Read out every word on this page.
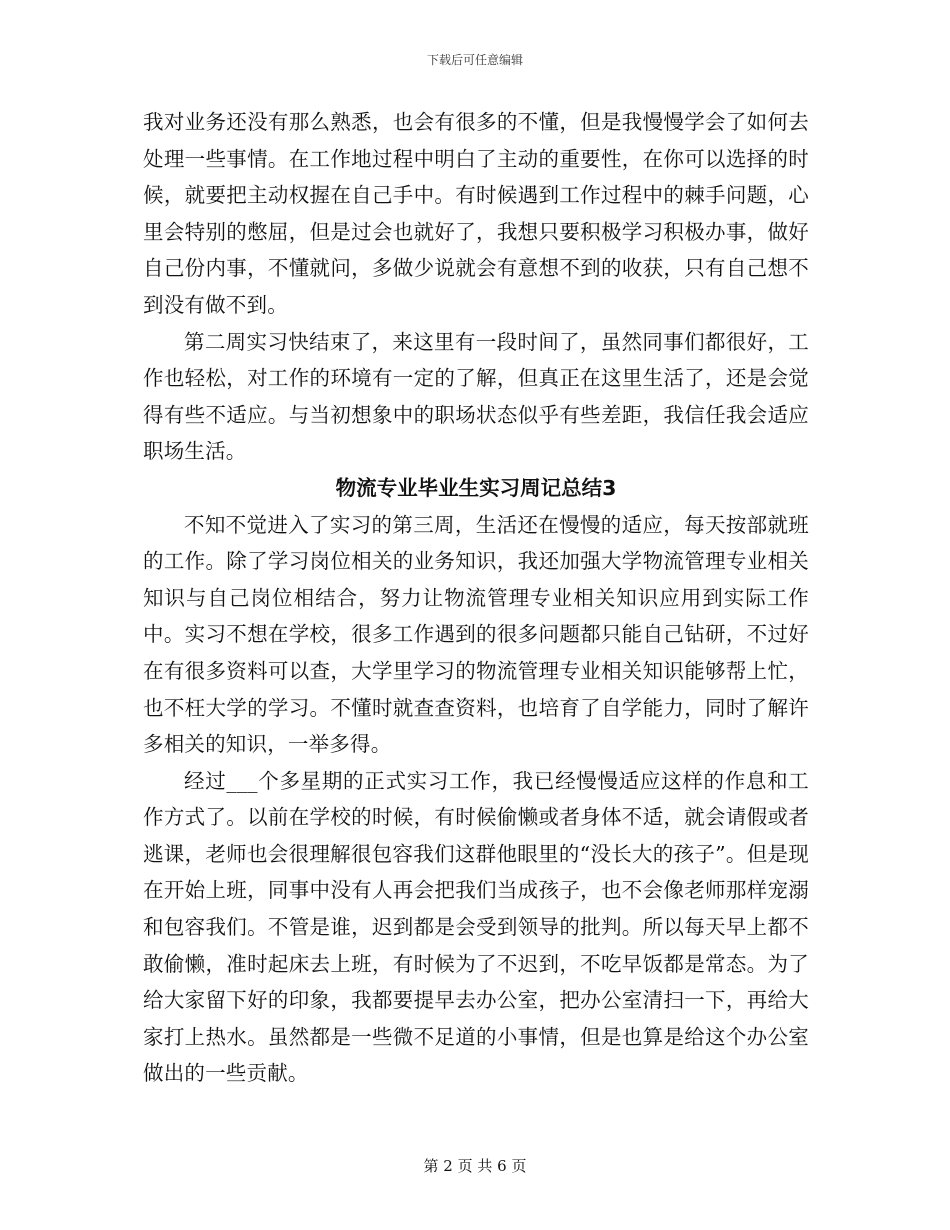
下载后可任意编辑

我对业务还没有那么熟悉，也会有很多的不懂，但是我慢慢学会了如何去处理一些事情。在工作地过程中明白了主动的重要性，在你可以选择的时候，就要把主动权握在自己手中。有时候遇到工作过程中的棘手问题，心里会特别的憋屈，但是过会也就好了，我想只要积极学习积极办事，做好自己份内事，不懂就问，多做少说就会有意想不到的收获，只有自己想不到没有做不到。

第二周实习快结束了，来这里有一段时间了，虽然同事们都很好，工作也轻松，对工作的环境有一定的了解，但真正在这里生活了，还是会觉得有些不适应。与当初想象中的职场状态似乎有些差距，我信任我会适应职场生活。

物流专业毕业生实习周记总结3

不知不觉进入了实习的第三周，生活还在慢慢的适应，每天按部就班的工作。除了学习岗位相关的业务知识，我还加强大学物流管理专业相关知识与自己岗位相结合，努力让物流管理专业相关知识应用到实际工作中。实习不想在学校，很多工作遇到的很多问题都只能自己钻研，不过好在有很多资料可以查，大学里学习的物流管理专业相关知识能够帮上忙，也不枉大学的学习。不懂时就查查资料，也培育了自学能力，同时了解许多相关的知识，一举多得。

经过___个多星期的正式实习工作，我已经慢慢适应这样的作息和工作方式了。以前在学校的时候，有时候偷懒或者身体不适，就会请假或者逃课，老师也会很理解很包容我们这群他眼里的“没长大的孩子”。但是现在开始上班，同事中没有人再会把我们当成孩子，也不会像老师那样宠溺和包容我们。不管是谁，迟到都是会受到领导的批判。所以每天早上都不敢偷懒，准时起床去上班，有时候为了不迟到，不吃早饭都是常态。为了给大家留下好的印象，我都要提早去办公室，把办公室清扫一下，再给大家打上热水。虽然都是一些微不足道的小事情，但是也算是给这个办公室做出的一些贡献。

第 2 页 共 6 页
